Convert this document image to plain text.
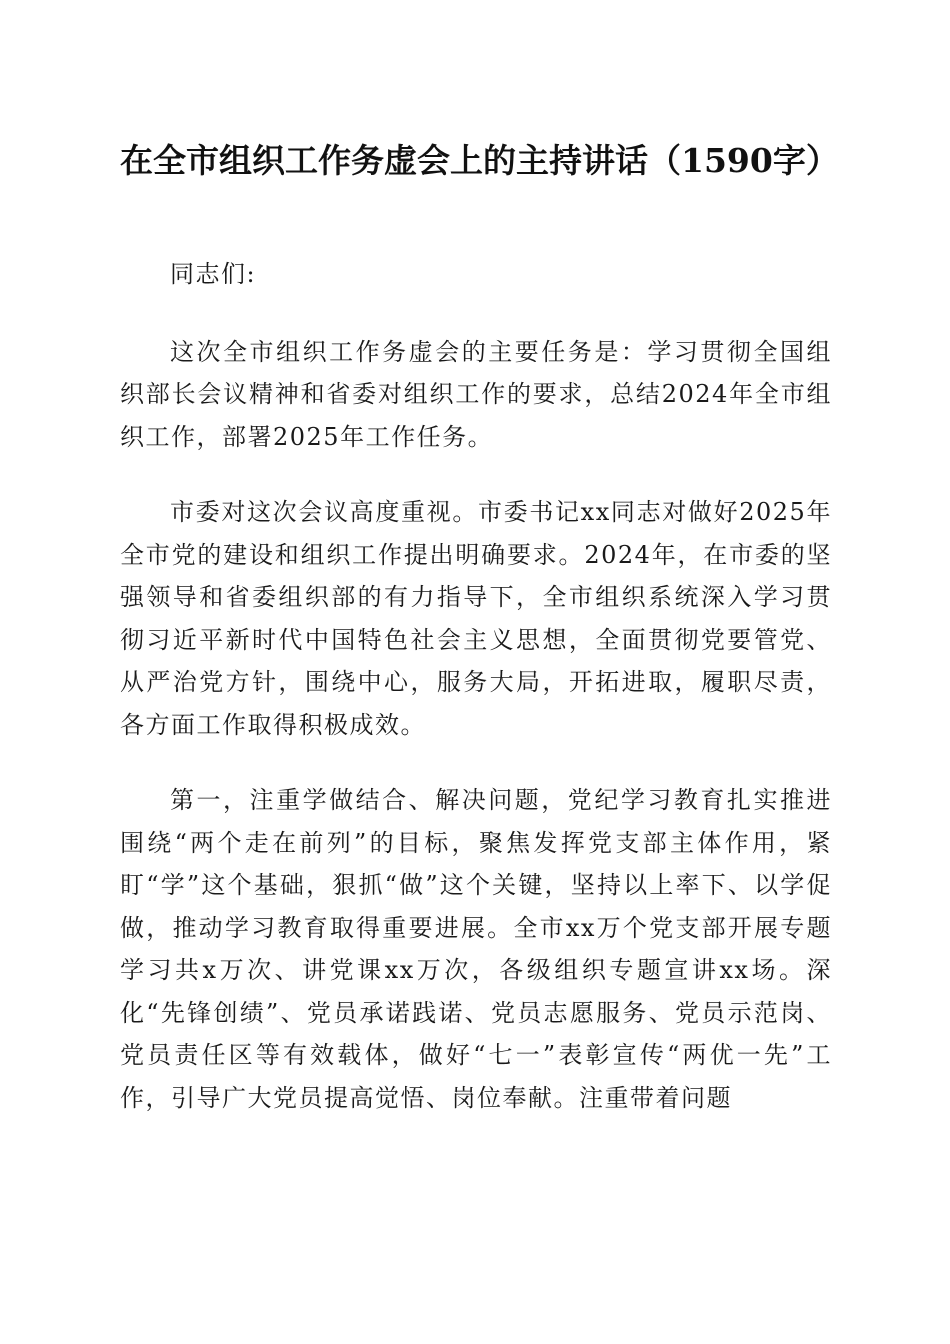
在全市组织工作务虚会上的主持讲话（1590字）

同志们:

这次全市组织工作务虚会的主要任务是：学习贯彻全国组织部长会议精神和省委对组织工作的要求，总结2024年全市组织工作，部署2025年工作任务。

市委对这次会议高度重视。市委书记xx同志对做好2025年全市党的建设和组织工作提出明确要求。2024年，在市委的坚强领导和省委组织部的有力指导下，全市组织系统深入学习贯彻习近平新时代中国特色社会主义思想，全面贯彻党要管党、从严治党方针，围绕中心，服务大局，开拓进取，履职尽责，各方面工作取得积极成效。

第一，注重学做结合、解决问题，党纪学习教育扎实推进围绕“两个走在前列”的目标，聚焦发挥党支部主体作用，紧盯“学”这个基础，狠抓“做”这个关键，坚持以上率下、以学促做，推动学习教育取得重要进展。全市xx万个党支部开展专题学习共x万次、讲党课xx万次，各级组织专题宣讲xx场。深化“先锋创绩”、党员承诺践诺、党员志愿服务、党员示范岗、党员责任区等有效载体，做好“七一”表彰宣传“两优一先”工作，引导广大党员提高觉悟、岗位奉献。注重带着问题
